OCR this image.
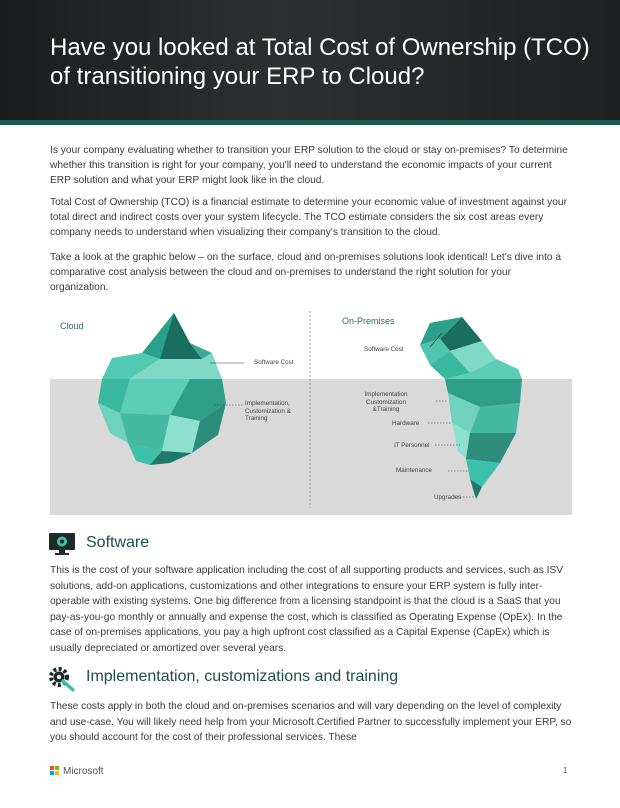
Have you looked at Total Cost of Ownership (TCO) of transitioning your ERP to Cloud?

Is your company evaluating whether to transition your ERP solution to the cloud or stay on-premises? To determine whether this transition is right for your company, you'll need to understand the economic impacts of your current ERP solution and what your ERP might look like in the cloud.

Total Cost of Ownership (TCO) is a financial estimate to determine your economic value of investment against your total direct and indirect costs over your system lifecycle. The TCO estimate considers the six cost areas every company needs to understand when visualizing their company's transition to the cloud.

Take a look at the graphic below – on the surface, cloud and on-premises solutions look identical! Let's dive into a comparative cost analysis between the cloud and on-premises to understand the right solution for your organization.

Cloud	On-Premises
Software Cost
Implementation, Customization & Training
Software Cost
Implementation Customization &Training
Hardware
IT Personnel
Maintenance
Upgrades
Software

This is the cost of your software application including the cost of all supporting products and services, such as ISV solutions, add-on applications, customizations and other integrations to ensure your ERP system is fully inter-operable with existing systems. One big difference from a licensing standpoint is that the cloud is a SaaS that you pay-as-you-go monthly or annually and expense the cost, which is classified as Operating Expense (OpEx). In the case of on-premises applications, you pay a high upfront cost classified as a Capital Expense (CapEx) which is usually depreciated or amortized over several years.

Implementation, customizations and training

These costs apply in both the cloud and on-premises scenarios and will vary depending on the level of complexity and use-case. You will likely need help from your Microsoft Certified Partner to successfully implement your ERP, so you should account for the cost of their professional services. These

Microsoft	1
